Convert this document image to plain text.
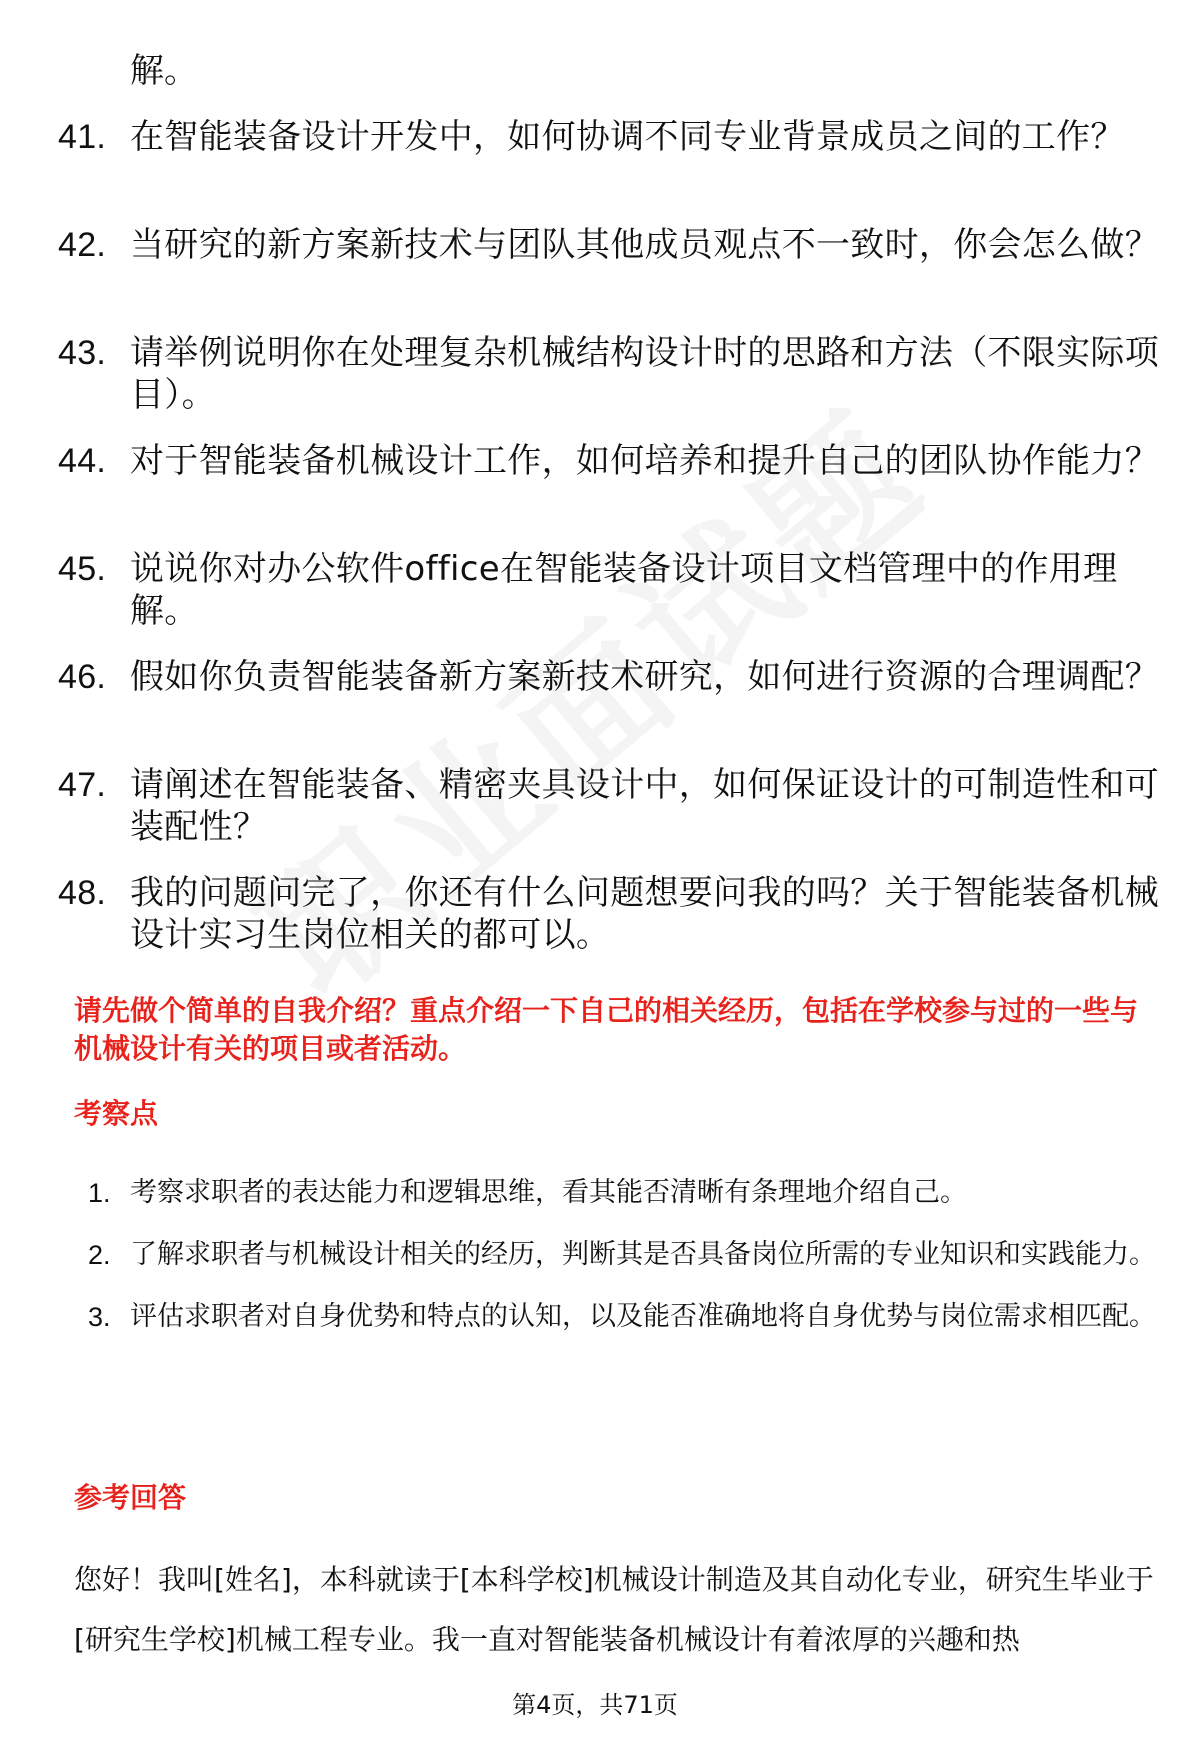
解。
41. 在智能装备设计开发中，如何协调不同专业背景成员之间的工作？
42. 当研究的新方案新技术与团队其他成员观点不一致时，你会怎么做？
43. 请举例说明你在处理复杂机械结构设计时的思路和方法（不限实际项目）。
44. 对于智能装备机械设计工作，如何培养和提升自己的团队协作能力？
45. 说说你对办公软件office在智能装备设计项目文档管理中的作用理解。
46. 假如你负责智能装备新方案新技术研究，如何进行资源的合理调配？
47. 请阐述在智能装备、精密夹具设计中，如何保证设计的可制造性和可装配性？
48. 我的问题问完了，你还有什么问题想要问我的吗？关于智能装备机械设计实习生岗位相关的都可以。
请先做个简单的自我介绍？重点介绍一下自己的相关经历，包括在学校参与过的一些与机械设计有关的项目或者活动。
考察点
1. 考察求职者的表达能力和逻辑思维，看其能否清晰有条理地介绍自己。
2. 了解求职者与机械设计相关的经历，判断其是否具备岗位所需的专业知识和实践能力。
3. 评估求职者对自身优势和特点的认知，以及能否准确地将自身优势与岗位需求相匹配。
参考回答
您好！我叫[姓名]，本科就读于[本科学校]机械设计制造及其自动化专业，研究生毕业于[研究生学校]机械工程专业。我一直对智能装备机械设计有着浓厚的兴趣和热
第4页，共71页
